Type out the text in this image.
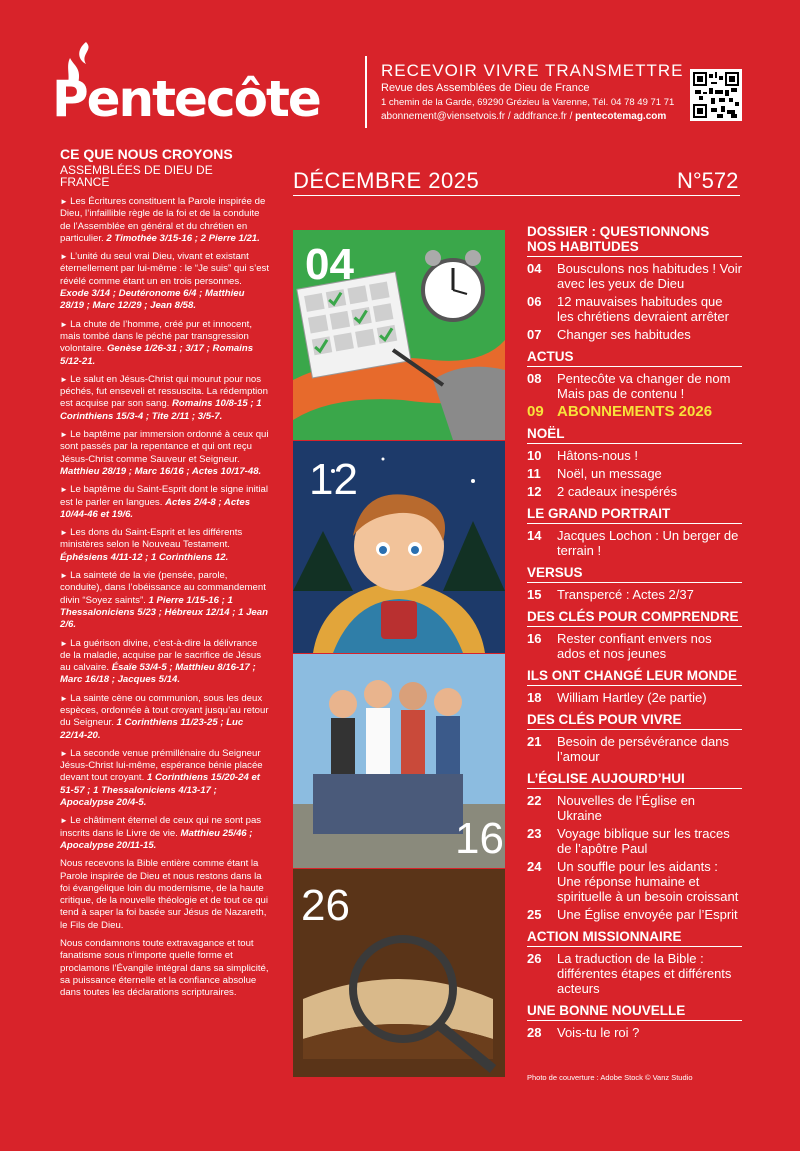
Pentecôte	RECEVOIR VIVRE TRANSMETTRE
Revue des Assemblées de Dieu de France
1 chemin de la Garde, 69290 Grézieu la Varenne, Tél. 04 78 49 71 71
abonnement@viensetvois.fr / addfrance.fr / pentecotemag.com
CE QUE NOUS CROYONS
ASSEMBLÉES DE DIEU DE FRANCE
► Les Écritures constituent la Parole inspirée de Dieu, l’infaillible règle de la foi et de la conduite de l’Assemblée en général et du chrétien en particulier. 2 Timothée 3/15-16 ; 2 Pierre 1/21.
► L’unité du seul vrai Dieu, vivant et existant éternellement par lui-même : le “Je suis” qui s’est révélé comme étant un en trois personnes. Exode 3/14 ; Deutéronome 6/4 ; Matthieu 28/19 ; Marc 12/29 ; Jean 8/58.
► La chute de l’homme, créé pur et innocent, mais tombé dans le péché par transgression volontaire. Genèse 1/26-31 ; 3/17 ; Romains 5/12-21.
► Le salut en Jésus-Christ qui mourut pour nos péchés, fut enseveli et ressuscita. La rédemption est acquise par son sang. Romains 10/8-15 ; 1 Corinthiens 15/3-4 ; Tite 2/11 ; 3/5-7.
► Le baptême par immersion ordonné à ceux qui sont passés par la repentance et qui ont reçu Jésus-Christ comme Sauveur et Seigneur. Matthieu 28/19 ; Marc 16/16 ; Actes 10/17-48.
► Le baptême du Saint-Esprit dont le signe initial est le parler en langues. Actes 2/4-8 ; Actes 10/44-46 et 19/6.
► Les dons du Saint-Esprit et les différents ministères selon le Nouveau Testament. Éphésiens 4/11-12 ; 1 Corinthiens 12.
► La sainteté de la vie (pensée, parole, conduite), dans l’obéissance au commandement divin “Soyez saints”. 1 Pierre 1/15-16 ; 1 Thessaloniciens 5/23 ; Hébreux 12/14 ; 1 Jean 2/6.
► La guérison divine, c’est-à-dire la délivrance de la maladie, acquise par le sacrifice de Jésus au calvaire. Ésaïe 53/4-5 ; Matthieu 8/16-17 ; Marc 16/18 ; Jacques 5/14.
► La sainte cène ou communion, sous les deux espèces, ordonnée à tout croyant jusqu’au retour du Seigneur. 1 Corinthiens 11/23-25 ; Luc 22/14-20.
► La seconde venue prémillénaire du Seigneur Jésus-Christ lui-même, espérance bénie placée devant tout croyant. 1 Corinthiens 15/20-24 et 51-57 ; 1 Thessaloniciens 4/13-17 ; Apocalypse 20/4-5.
► Le châtiment éternel de ceux qui ne sont pas inscrits dans le Livre de vie. Matthieu 25/46 ; Apocalypse 20/11-15.
Nous recevons la Bible entière comme étant la Parole inspirée de Dieu et nous restons dans la foi évangélique loin du modernisme, de la haute critique, de la nouvelle théologie et de tout ce qui tend à saper la foi basée sur Jésus de Nazareth, le Fils de Dieu.
Nous condamnons toute extravagance et tout fanatisme sous n’importe quelle forme et proclamons l’Évangile intégral dans sa simplicité, sa puissance éternelle et la confiance absolue dans toutes les déclarations scripturaires.
DÉCEMBRE 2025	N°572
04
12
16
26
DOSSIER : QUESTIONNONS NOS HABITUDES
04	Bousculons nos habitudes ! Voir avec les yeux de Dieu
06	12 mauvaises habitudes que les chrétiens devraient arrêter
07	Changer ses habitudes
ACTUS
08	Pentecôte va changer de nom Mais pas de contenu !
09 ABONNEMENTS 2026
NOËL
10	Hâtons-nous !
11	Noël, un message
12	2 cadeaux inespérés
LE GRAND PORTRAIT
14	Jacques Lochon : Un berger de terrain !
VERSUS
15	Transpercé : Actes 2/37
DES CLÉS POUR COMPRENDRE
16	Rester confiant envers nos ados et nos jeunes
ILS ONT CHANGÉ LEUR MONDE
18	William Hartley (2e partie)
DES CLÉS POUR VIVRE
21	Besoin de persévérance dans l’amour
L’ÉGLISE AUJOURD’HUI
22	Nouvelles de l’Église en Ukraine
23	Voyage biblique sur les traces de l’apôtre Paul
24	Un souffle pour les aidants : Une réponse humaine et spirituelle à un besoin croissant
25	Une Église envoyée par l’Esprit
ACTION MISSIONNAIRE
26	La traduction de la Bible : différentes étapes et différents acteurs
UNE BONNE NOUVELLE
28	Vois-tu le roi ?
Photo de couverture : Adobe Stock © Vanz Studio
